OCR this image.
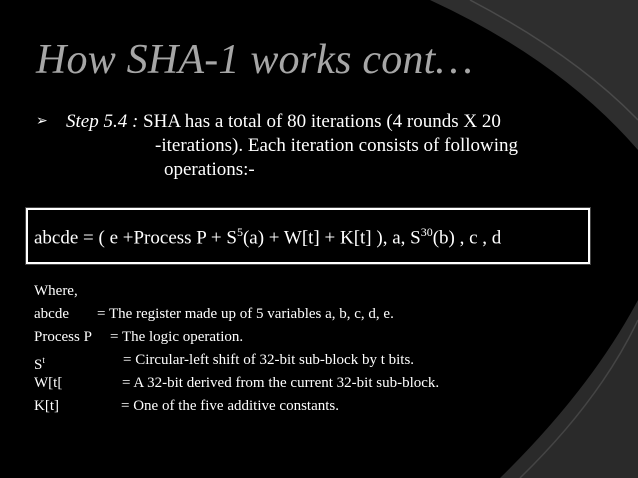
How SHA-1 works cont…
➢ Step 5.4 : SHA has a total of 80 iterations (4 rounds X 20
-iterations). Each iteration consists of following
operations:-
abcde = ( e +Process $P + S^5(a) + W[t] + K[t]$ ), a, $S^{30}(b)$ , c , d
Where,
abcde = The register made up of 5 variables a, b, c, d, e.
Process P = The logic operation.
$S^t$	= Circular-left shift of 32-bit sub-block by t bits.
W[t[	= A 32-bit derived from the current 32-bit sub-block.
K[t]	= One of the five additive constants.
